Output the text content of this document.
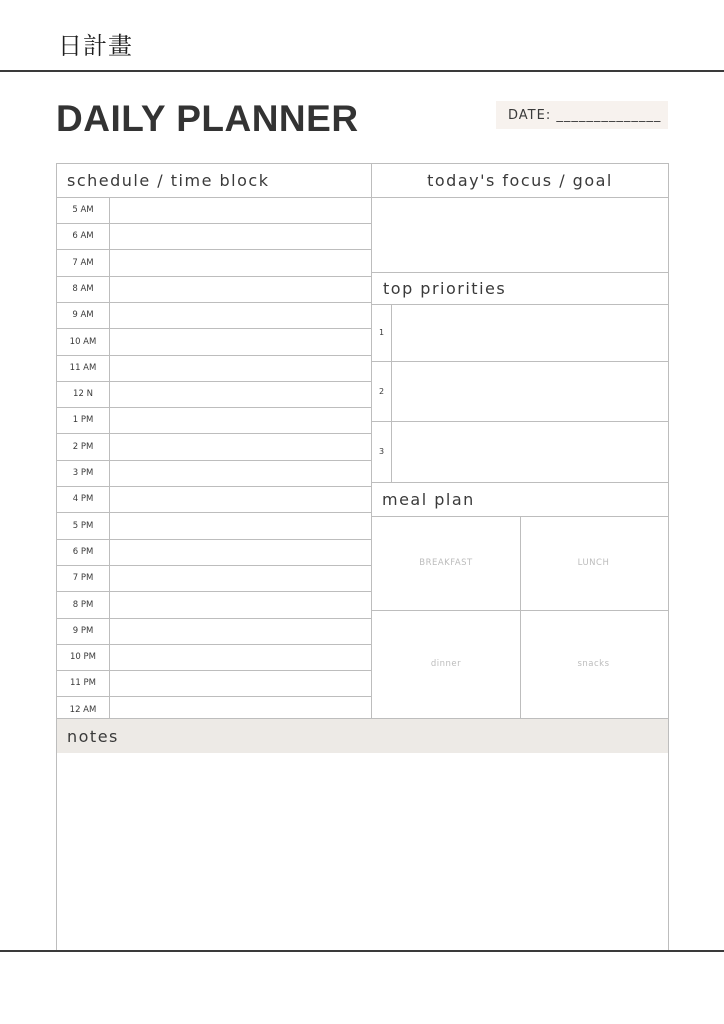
日計畫
DAILY PLANNER	DATE: ______________
schedule / time block
5 AM
6 AM
7 AM
8 AM
9 AM
10 AM
11 AM
12 N
1 PM
2 PM
3 PM
4 PM
5 PM
6 PM
7 PM
8 PM
9 PM
10 PM
11 PM
12 AM
today's focus / goal
top priorities
1
2
3
meal plan
BREAKFAST	LUNCH
dinner	snacks
notes
